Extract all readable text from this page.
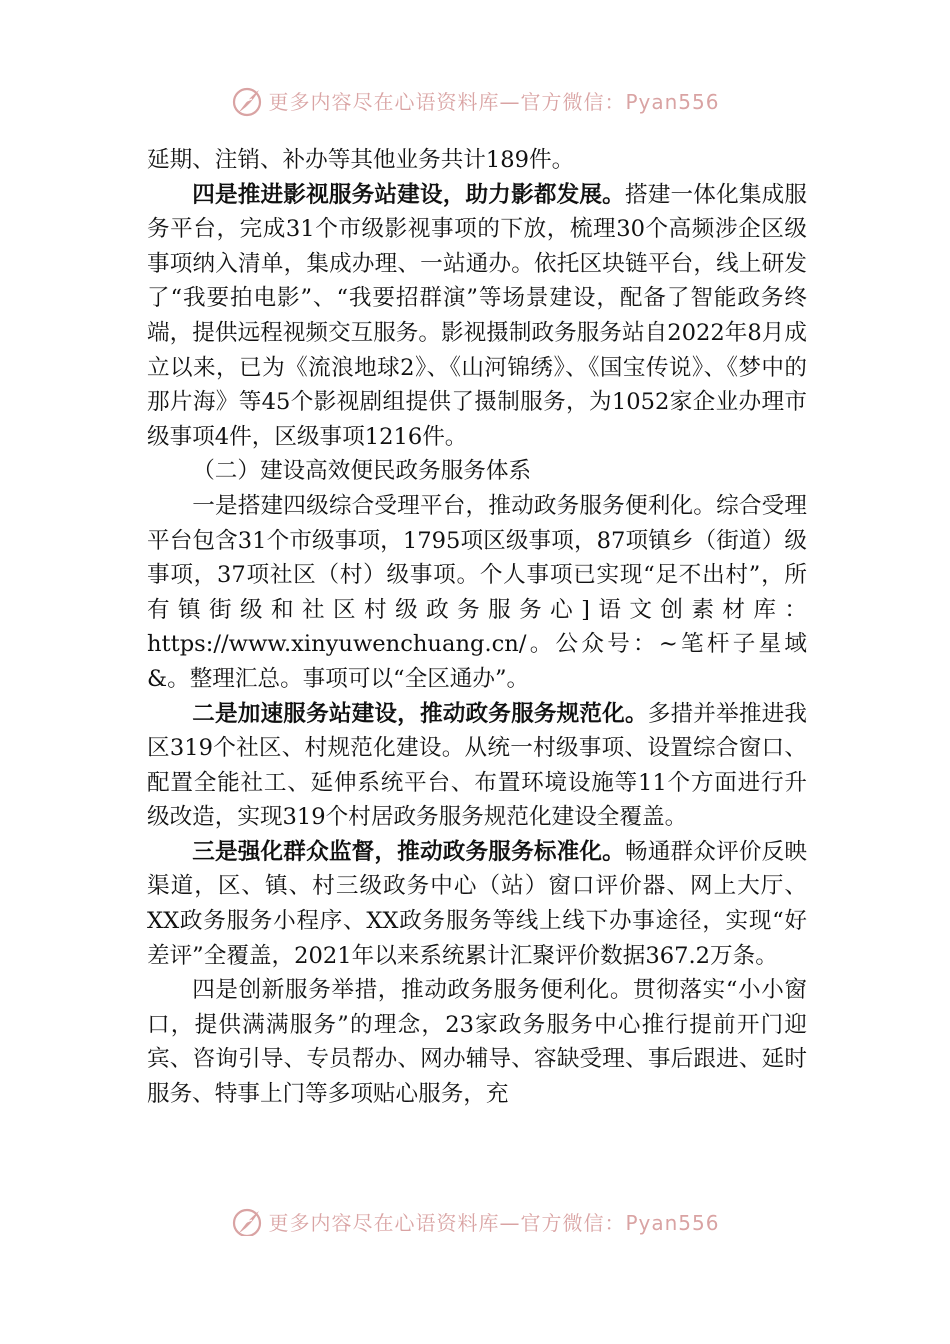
更多内容尽在心语资料库—官方微信：Pyan556

延期、注销、补办等其他业务共计189件。

四是推进影视服务站建设，助力影都发展。搭建一体化集成服务平台，完成31个市级影视事项的下放，梳理30个高频涉企区级事项纳入清单，集成办理、一站通办。依托区块链平台，线上研发了“我要拍电影”、“我要招群演”等场景建设，配备了智能政务终端，提供远程视频交互服务。影视摄制政务服务站自2022年8月成立以来，已为《流浪地球2》、《山河锦绣》、《国宝传说》、《梦中的那片海》等45个影视剧组提供了摄制服务，为1052家企业办理市级事项4件，区级事项1216件。

（二）建设高效便民政务服务体系

一是搭建四级综合受理平台，推动政务服务便利化。综合受理平台包含31个市级事项，1795项区级事项，87项镇乡（街道）级事项，37项社区（村）级事项。个人事项已实现“足不出村”，所有镇街级和社区村级政务服务心]语文创素材库：https://www.xinyuwenchuang.cn/。公众号：~笔杆子星域&。整理汇总。事项可以“全区通办”。

二是加速服务站建设，推动政务服务规范化。多措并举推进我区319个社区、村规范化建设。从统一村级事项、设置综合窗口、配置全能社工、延伸系统平台、布置环境设施等11个方面进行升级改造，实现319个村居政务服务规范化建设全覆盖。

三是强化群众监督，推动政务服务标准化。畅通群众评价反映渠道，区、镇、村三级政务中心（站）窗口评价器、网上大厅、XX政务服务小程序、XX政务服务等线上线下办事途径，实现“好差评”全覆盖，2021年以来系统累计汇聚评价数据367.2万条。

四是创新服务举措，推动政务服务便利化。贯彻落实“小小窗口，提供满满服务”的理念，23家政务服务中心推行提前开门迎宾、咨询引导、专员帮办、网办辅导、容缺受理、事后跟进、延时服务、特事上门等多项贴心服务，充

更多内容尽在心语资料库—官方微信：Pyan556
